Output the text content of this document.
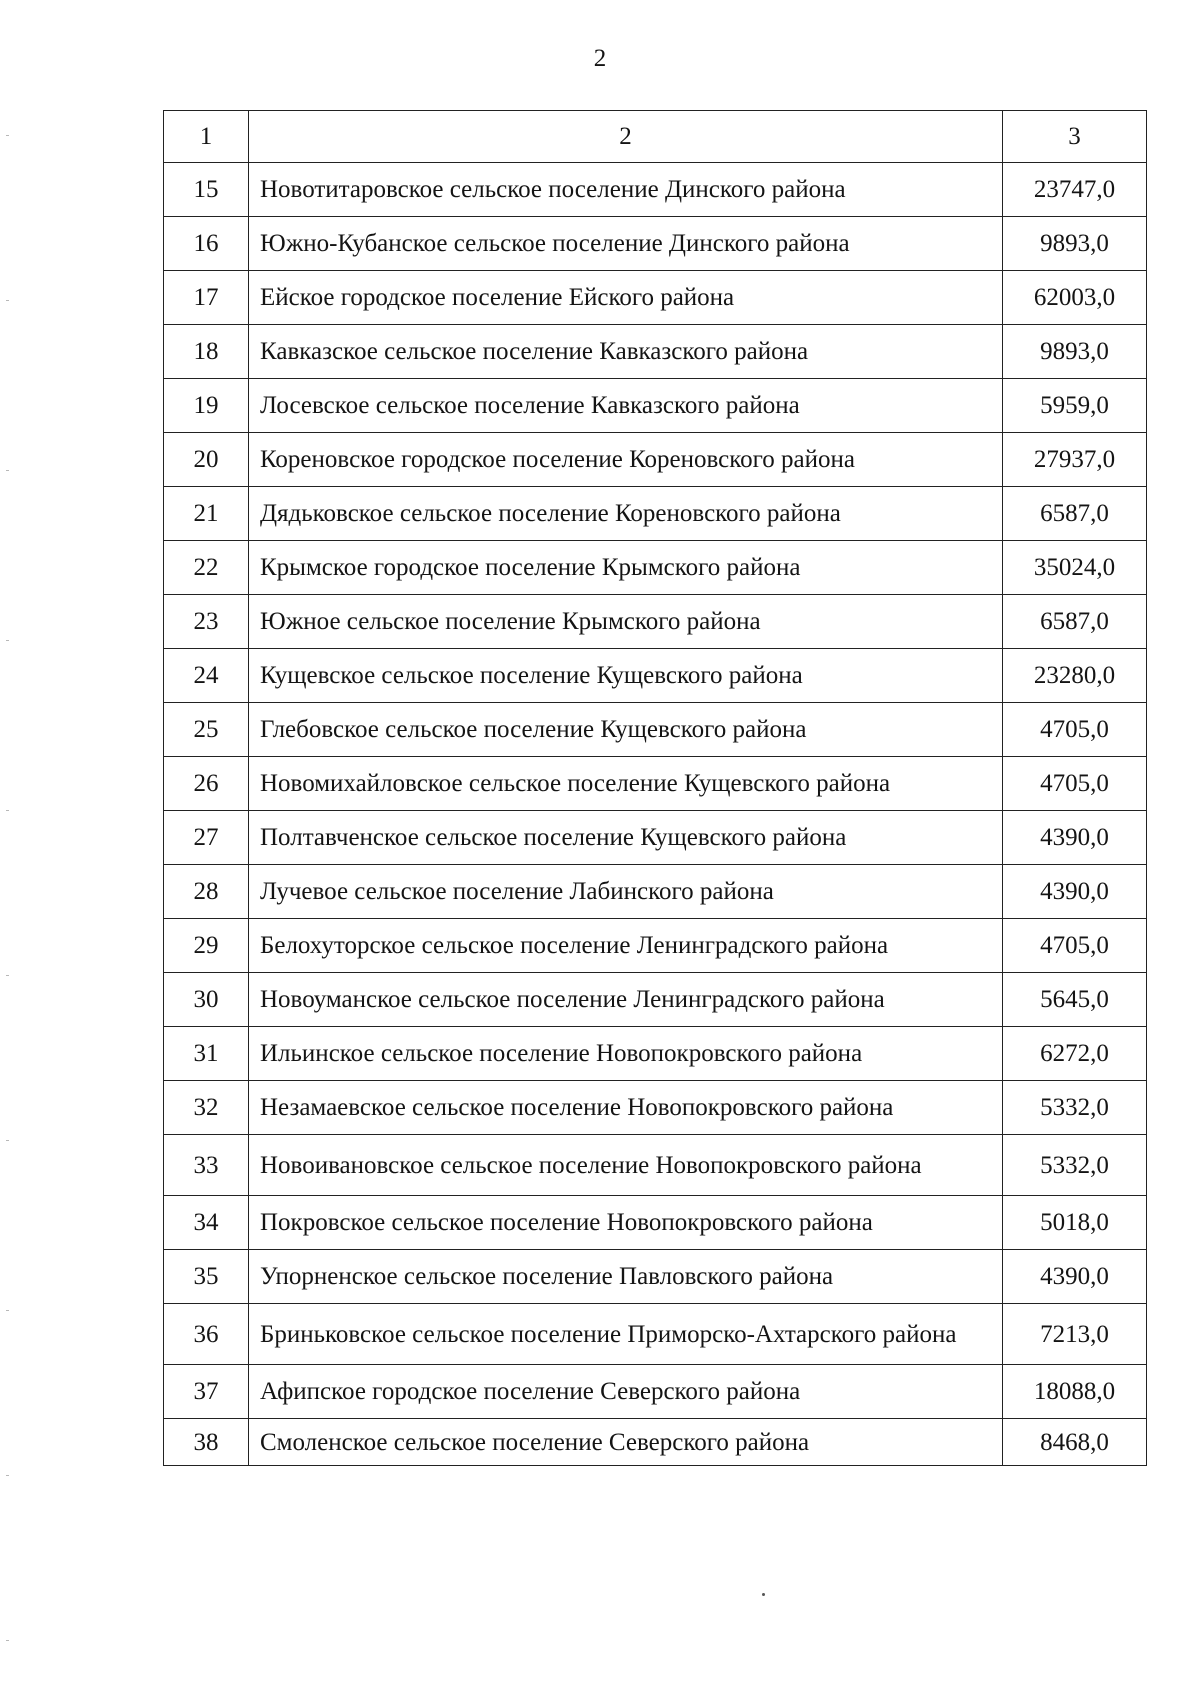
2
1	2	3
15	Новотитаровское сельское поселение Динского района	23747,0
16	Южно-Кубанское сельское поселение Динского района	9893,0
17	Ейское городское поселение Ейского района	62003,0
18	Кавказское сельское поселение Кавказского района	9893,0
19	Лосевское сельское поселение Кавказского района	5959,0
20	Кореновское городское поселение Кореновского района	27937,0
21	Дядьковское сельское поселение Кореновского района	6587,0
22	Крымское городское поселение Крымского района	35024,0
23	Южное сельское поселение Крымского района	6587,0
24	Кущевское сельское поселение Кущевского района	23280,0
25	Глебовское сельское поселение Кущевского района	4705,0
26	Новомихайловское сельское поселение Кущевского района	4705,0
27	Полтавченское сельское поселение Кущевского района	4390,0
28	Лучевое сельское поселение Лабинского района	4390,0
29	Белохуторское сельское поселение Ленинградского района	4705,0
30	Новоуманское сельское поселение Ленинградского района	5645,0
31	Ильинское сельское поселение Новопокровского района	6272,0
32	Незамаевское сельское поселение Новопокровского района	5332,0
33	Новоивановское сельское поселение Новопокровского района	5332,0
34	Покровское сельское поселение Новопокровского района	5018,0
35	Упорненское сельское поселение Павловского района	4390,0
36	Бриньковское сельское поселение Приморско-Ахтарского района	7213,0
37	Афипское городское поселение Северского района	18088,0
38	Смоленское сельское поселение Северского района	8468,0
